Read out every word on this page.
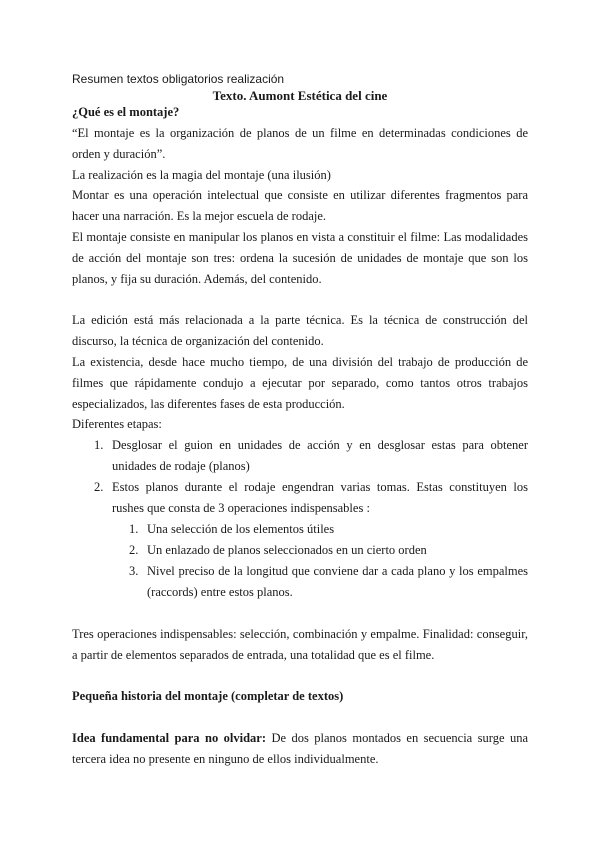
Resumen textos obligatorios realización
Texto. Aumont Estética del cine
¿Qué es el montaje?
“El montaje es la organización de planos de un filme en determinadas condiciones de orden y duración”.
La realización es la magia del montaje (una ilusión)
Montar es una operación intelectual que consiste en utilizar diferentes fragmentos para hacer una narración. Es la mejor escuela de rodaje.
El montaje consiste en manipular los planos en vista a constituir el filme: Las modalidades de acción del montaje son tres: ordena la sucesión de unidades de montaje que son los planos, y fija su duración. Además, del contenido.
La edición está más relacionada a la parte técnica. Es la técnica de construcción del discurso, la técnica de organización del contenido.
La existencia, desde hace mucho tiempo, de una división del trabajo de producción de filmes que rápidamente condujo a ejecutar por separado, como tantos otros trabajos especializados, las diferentes fases de esta producción.
Diferentes etapas:
1. Desglosar el guion en unidades de acción y en desglosar estas para obtener unidades de rodaje (planos)
2. Estos planos durante el rodaje engendran varias tomas. Estas constituyen los rushes que consta de 3 operaciones indispensables :
1. Una selección de los elementos útiles
2. Un enlazado de planos seleccionados en un cierto orden
3. Nivel preciso de la longitud que conviene dar a cada plano y los empalmes (raccords) entre estos planos.
Tres operaciones indispensables: selección, combinación y empalme. Finalidad: conseguir, a partir de elementos separados de entrada, una totalidad que es el filme.
Pequeña historia del montaje (completar de textos)
Idea fundamental para no olvidar: De dos planos montados en secuencia surge una tercera idea no presente en ninguno de ellos individualmente.
